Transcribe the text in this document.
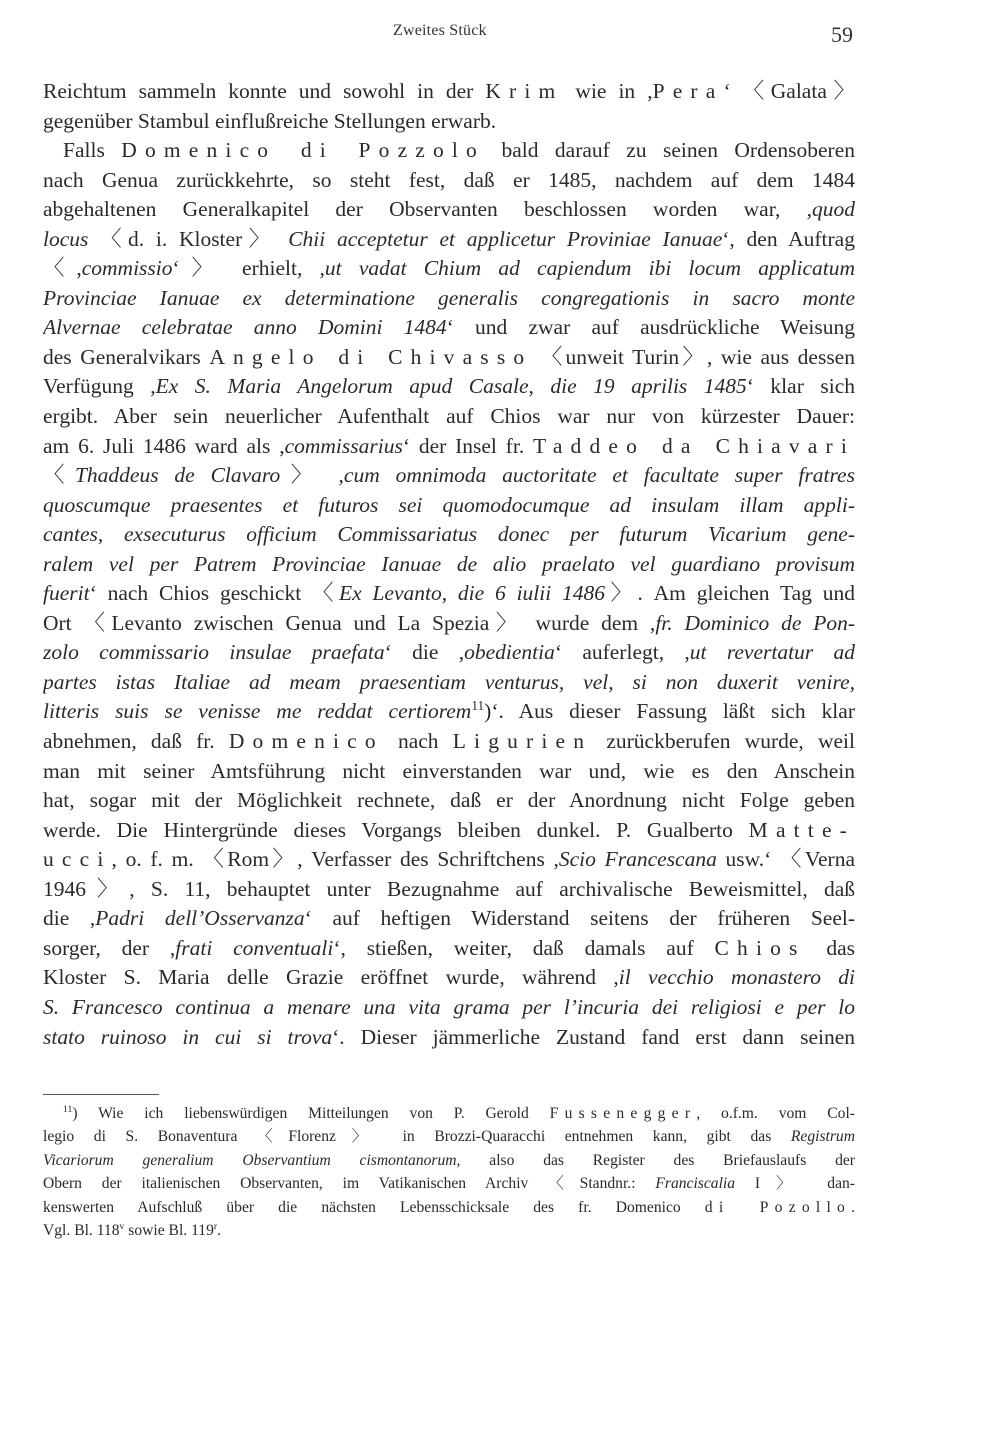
Zweites Stück	59
Reichtum sammeln konnte und sowohl in der Krim wie in ,Pera‘ 〈Galata〉
gegenüber Stambul einflußreiche Stellungen erwarb.
Falls Domenico di Pozzolo bald darauf zu seinen Ordensoberen
nach Genua zurückkehrte, so steht fest, daß er 1485, nachdem auf dem 1484
abgehaltenen Generalkapitel der Observanten beschlossen worden war, ,quod
locus 〈d. i. Kloster〉 Chii acceptetur et applicetur Proviniae Ianuae‘, den Auftrag
〈,commissio‘〉 erhielt, ,ut vadat Chium ad capiendum ibi locum applicatum
Provinciae Ianuae ex determinatione generalis congregationis in sacro monte
Alvernae celebratae anno Domini 1484‘ und zwar auf ausdrückliche Weisung
des Generalvikars Angelo di Chivasso 〈unweit Turin〉, wie aus dessen
Verfügung ,Ex S. Maria Angelorum apud Casale, die 19 aprilis 1485‘ klar sich
ergibt. Aber sein neuerlicher Aufenthalt auf Chios war nur von kürzester Dauer:
am 6. Juli 1486 ward als ,commissarius‘ der Insel fr. Taddeo da Chiavari
〈Thaddeus de Clavaro〉 ,cum omnimoda auctoritate et facultate super fratres
quoscumque praesentes et futuros sei quomodocumque ad insulam illam appli-
cantes, exsecuturus officium Commissariatus donec per futurum Vicarium gene-
ralem vel per Patrem Provinciae Ianuae de alio praelato vel guardiano provisum
fuerit‘ nach Chios geschickt 〈Ex Levanto, die 6 iulii 1486〉. Am gleichen Tag und
Ort 〈Levanto zwischen Genua und La Spezia〉 wurde dem ,fr. Dominico de Pon-
zolo commissario insulae praefata‘ die ,obedientia‘ auferlegt, ,ut revertatur ad
partes istas Italiae ad meam praesentiam venturus, vel, si non duxerit venire,
litteris suis se venisse me reddat certiorem$^{11}$)‘. Aus dieser Fassung läßt sich klar
abnehmen, daß fr. Domenico nach Ligurien zurückberufen wurde, weil
man mit seiner Amtsführung nicht einverstanden war und, wie es den Anschein
hat, sogar mit der Möglichkeit rechnete, daß er der Anordnung nicht Folge geben
werde. Die Hintergründe dieses Vorgangs bleiben dunkel. P. Gualberto Matte-
ucci, o. f. m. 〈Rom〉, Verfasser des Schriftchens ,Scio Francescana usw.‘ 〈Verna
1946〉, S. 11, behauptet unter Bezugnahme auf archivalische Beweismittel, daß
die ,Padri dell’Osservanza‘ auf heftigen Widerstand seitens der früheren Seel-
sorger, der ,frati conventuali‘, stießen, weiter, daß damals auf Chios das
Kloster S. Maria delle Grazie eröffnet wurde, während ,il vecchio monastero di
S. Francesco continua a menare una vita grama per l’incuria dei religiosi e per lo
stato ruinoso in cui si trova‘. Dieser jämmerliche Zustand fand erst dann seinen
$^{11}$) Wie ich liebenswürdigen Mitteilungen von P. Gerold Fussenegger, o.f.m. vom Col-
legio di S. Bonaventura 〈Florenz〉 in Brozzi-Quaracchi entnehmen kann, gibt das Registrum
Vicariorum generalium Observantium cismontanorum, also das Register des Briefauslaufs der
Obern der italienischen Observanten, im Vatikanischen Archiv 〈Standnr.: Franciscalia I〉 dan-
kenswerten Aufschluß über die nächsten Lebensschicksale des fr. Domenico di Pozollo.
Vgl. Bl. 118$^v$ sowie Bl. 119$^r$.
